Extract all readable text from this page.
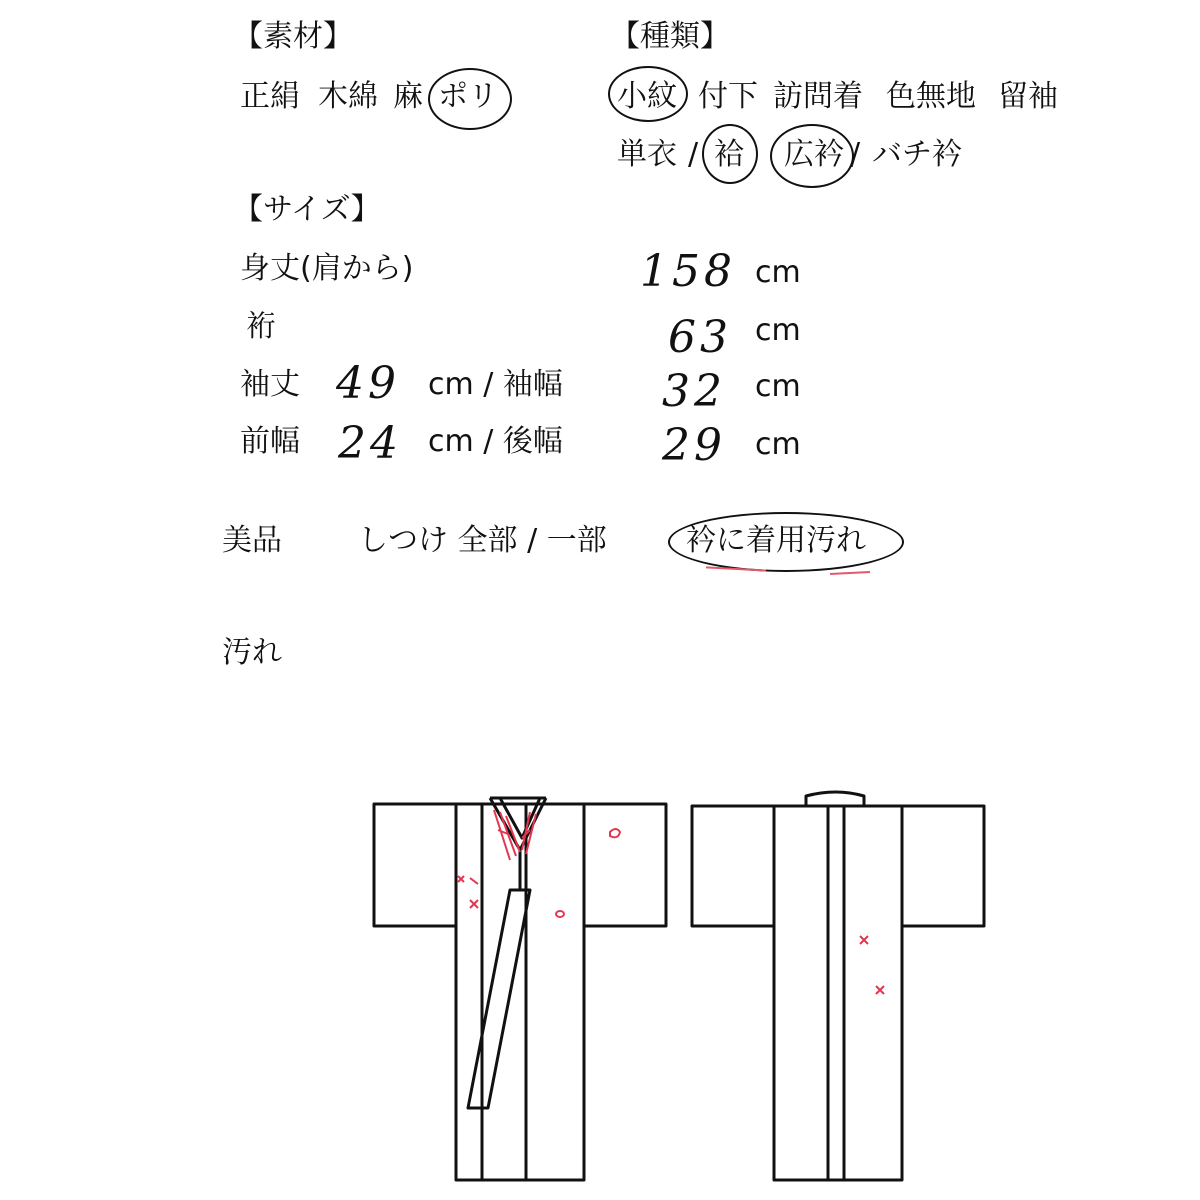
【素材】
正絹 木綿 麻 ポリ
【種類】
小紋 付下 訪問着 色無地 留袖
単衣 / 袷 広衿 / バチ衿
【サイズ】
身丈(肩から)	158 cm
裄	63 cm
袖丈 49 cm / 袖幅 32 cm
前幅 24 cm / 後幅 29 cm
美品	しつけ 全部 / 一部	衿に着用汚れ
汚れ
